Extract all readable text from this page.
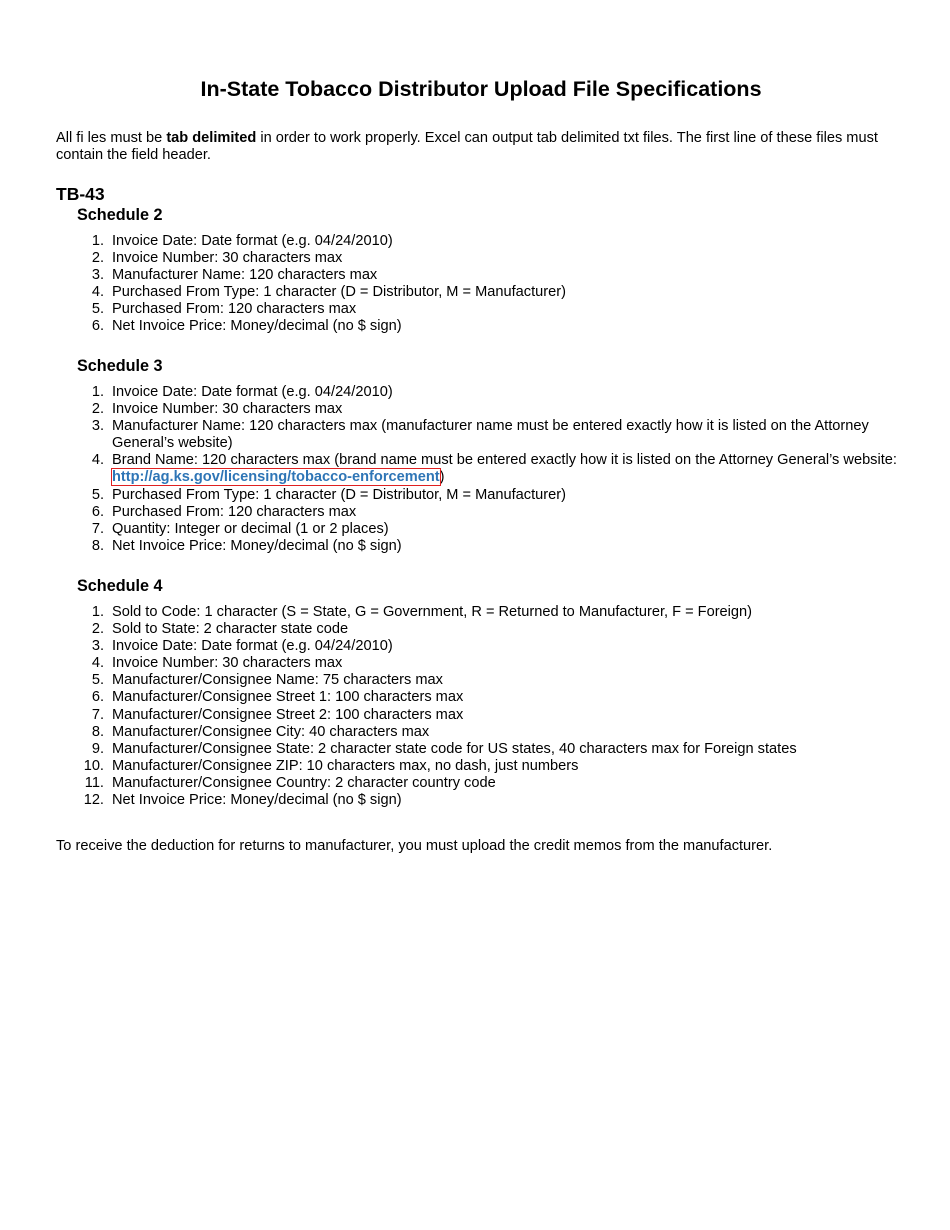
In-State Tobacco Distributor Upload File Specifications

All fi les must be tab delimited in order to work properly. Excel can output tab delimited txt files. The first line of these files must contain the field header.

TB-43
Schedule 2
1. Invoice Date: Date format (e.g. 04/24/2010)
2. Invoice Number: 30 characters max
3. Manufacturer Name: 120 characters max
4. Purchased From Type: 1 character (D = Distributor, M = Manufacturer)
5. Purchased From: 120 characters max
6. Net Invoice Price: Money/decimal (no $ sign)
Schedule 3
1. Invoice Date: Date format (e.g. 04/24/2010)
2. Invoice Number: 30 characters max
3. Manufacturer Name: 120 characters max (manufacturer name must be entered exactly how it is listed on the Attorney General’s website)
4. Brand Name: 120 characters max (brand name must be entered exactly how it is listed on the Attorney General’s website: http://ag.ks.gov/licensing/tobacco-enforcement)
5. Purchased From Type: 1 character (D = Distributor, M = Manufacturer)
6. Purchased From: 120 characters max
7. Quantity: Integer or decimal (1 or 2 places)
8. Net Invoice Price: Money/decimal (no $ sign)
Schedule 4
1. Sold to Code: 1 character (S = State, G = Government, R = Returned to Manufacturer, F = Foreign)
2. Sold to State: 2 character state code
3. Invoice Date: Date format (e.g. 04/24/2010)
4. Invoice Number: 30 characters max
5. Manufacturer/Consignee Name: 75 characters max
6. Manufacturer/Consignee Street 1: 100 characters max
7. Manufacturer/Consignee Street 2: 100 characters max
8. Manufacturer/Consignee City: 40 characters max
9. Manufacturer/Consignee State: 2 character state code for US states, 40 characters max for Foreign states
10. Manufacturer/Consignee ZIP: 10 characters max, no dash, just numbers
11. Manufacturer/Consignee Country: 2 character country code
12. Net Invoice Price: Money/decimal (no $ sign)

To receive the deduction for returns to manufacturer, you must upload the credit memos from the manufacturer.
